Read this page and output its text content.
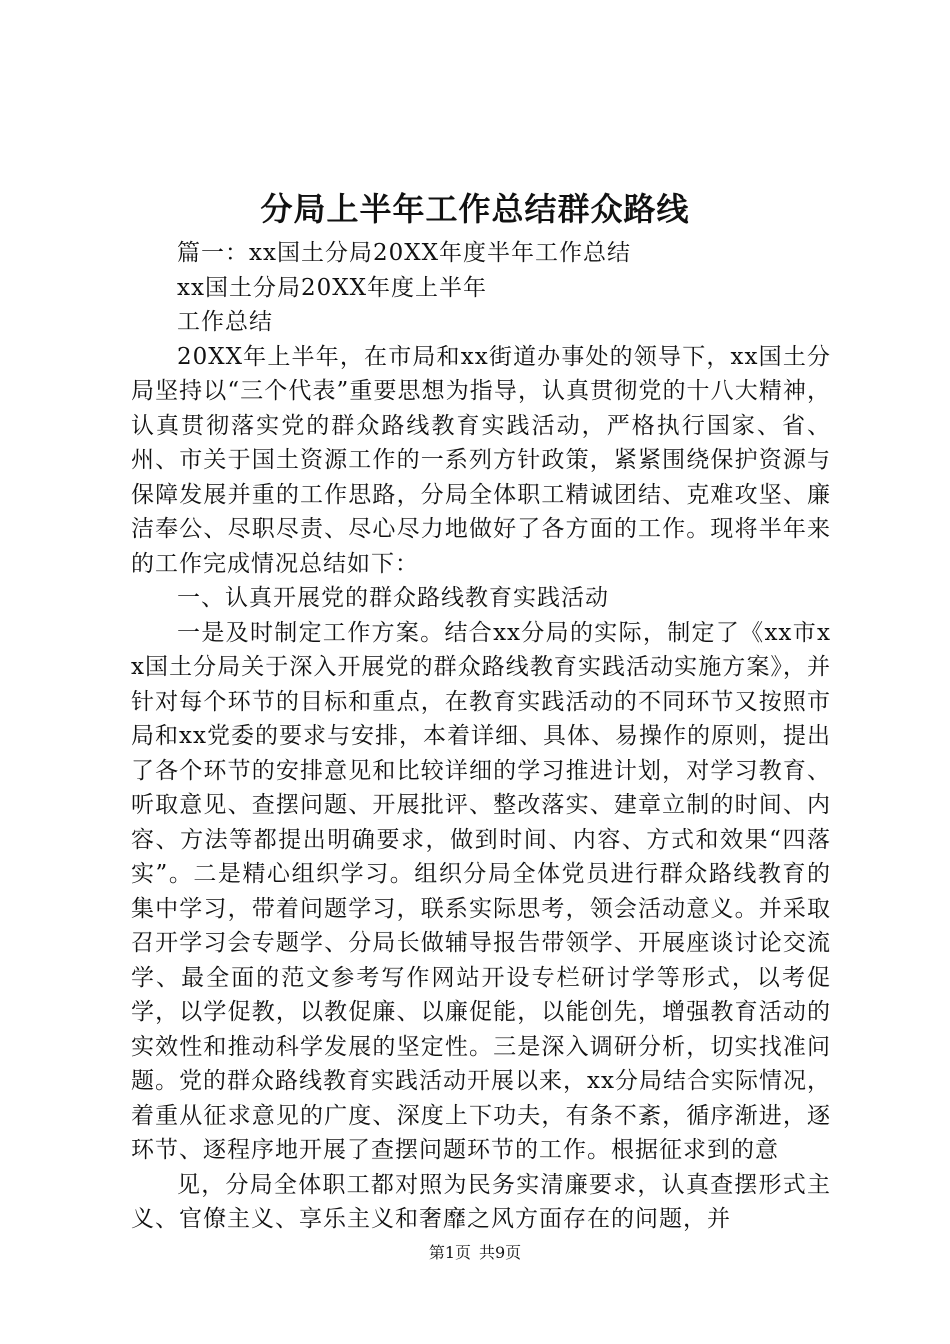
分局上半年工作总结群众路线

篇一：xx国土分局20XX年度半年工作总结

xx国土分局20XX年度上半年

工作总结

20XX年上半年，在市局和xx街道办事处的领导下，xx国土分局坚持以“三个代表”重要思想为指导，认真贯彻党的十八大精神，认真贯彻落实党的群众路线教育实践活动，严格执行国家、省、州、市关于国土资源工作的一系列方针政策，紧紧围绕保护资源与保障发展并重的工作思路，分局全体职工精诚团结、克难攻坚、廉洁奉公、尽职尽责、尽心尽力地做好了各方面的工作。现将半年来的工作完成情况总结如下：

一、认真开展党的群众路线教育实践活动

一是及时制定工作方案。结合xx分局的实际，制定了《xx市xx国土分局关于深入开展党的群众路线教育实践活动实施方案》，并针对每个环节的目标和重点，在教育实践活动的不同环节又按照市局和xx党委的要求与安排，本着详细、具体、易操作的原则，提出了各个环节的安排意见和比较详细的学习推进计划，对学习教育、听取意见、查摆问题、开展批评、整改落实、建章立制的时间、内容、方法等都提出明确要求，做到时间、内容、方式和效果“四落实”。二是精心组织学习。组织分局全体党员进行群众路线教育的集中学习，带着问题学习，联系实际思考，领会活动意义。并采取召开学习会专题学、分局长做辅导报告带领学、开展座谈讨论交流学、最全面的范文参考写作网站开设专栏研讨学等形式，以考促学，以学促教，以教促廉、以廉促能，以能创先，增强教育活动的实效性和推动科学发展的坚定性。三是深入调研分析，切实找准问题。党的群众路线教育实践活动开展以来，xx分局结合实际情况，着重从征求意见的广度、深度上下功夫，有条不紊，循序渐进，逐环节、逐程序地开展了查摆问题环节的工作。根据征求到的意

见，分局全体职工都对照为民务实清廉要求，认真查摆形式主义、官僚主义、享乐主义和奢靡之风方面存在的问题，并

第1页 共9页
